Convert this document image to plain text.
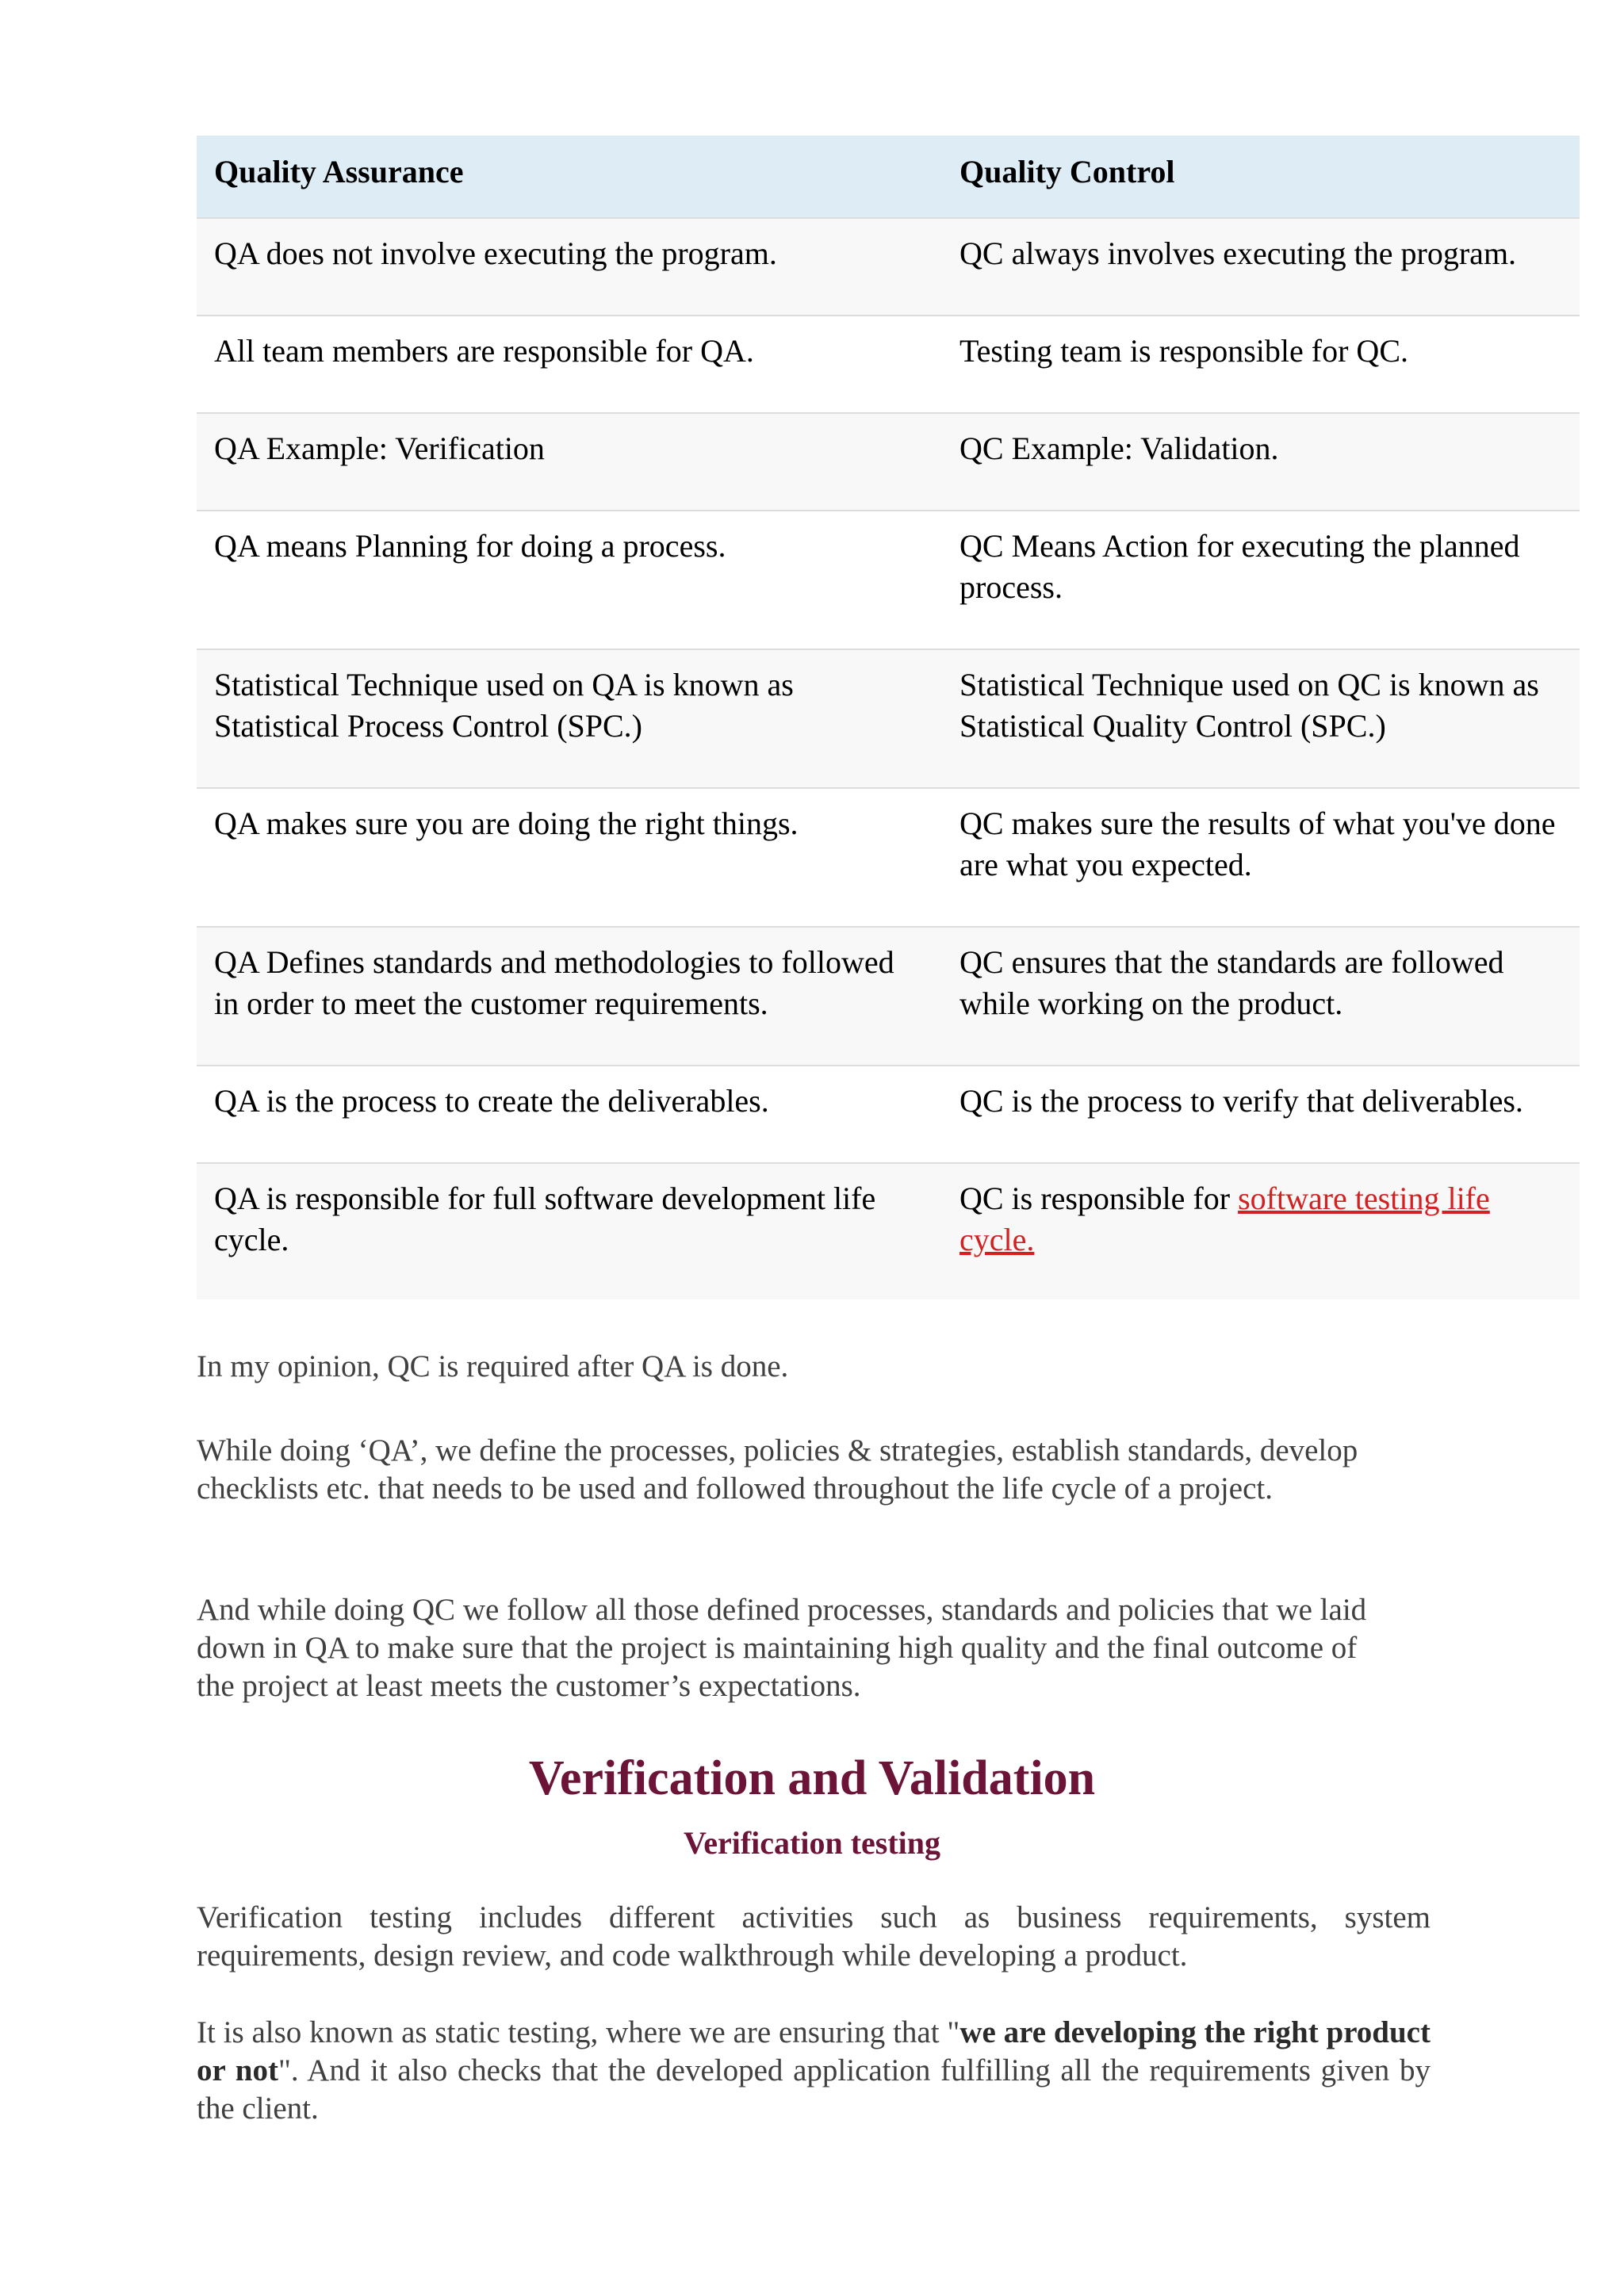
Quality Assurance	Quality Control
QA does not involve executing the program.	QC always involves executing the program.
All team members are responsible for QA.	Testing team is responsible for QC.
QA Example: Verification	QC Example: Validation.
QA means Planning for doing a process.	QC Means Action for executing the planned process.
Statistical Technique used on QA is known as Statistical Process Control (SPC.)	Statistical Technique used on QC is known as Statistical Quality Control (SPC.)
QA makes sure you are doing the right things.	QC makes sure the results of what you've done are what you expected.
QA Defines standards and methodologies to followed in order to meet the customer requirements.	QC ensures that the standards are followed while working on the product.
QA is the process to create the deliverables.	QC is the process to verify that deliverables.
QA is responsible for full software development life cycle.	QC is responsible for software testing life cycle.

In my opinion, QC is required after QA is done.

While doing ‘QA’, we define the processes, policies & strategies, establish standards, develop checklists etc. that needs to be used and followed throughout the life cycle of a project.

And while doing QC we follow all those defined processes, standards and policies that we laid down in QA to make sure that the project is maintaining high quality and the final outcome of the project at least meets the customer’s expectations.

Verification and Validation
Verification testing

Verification testing includes different activities such as business requirements, system requirements, design review, and code walkthrough while developing a product.

It is also known as static testing, where we are ensuring that "we are developing the right product or not". And it also checks that the developed application fulfilling all the requirements given by the client.
